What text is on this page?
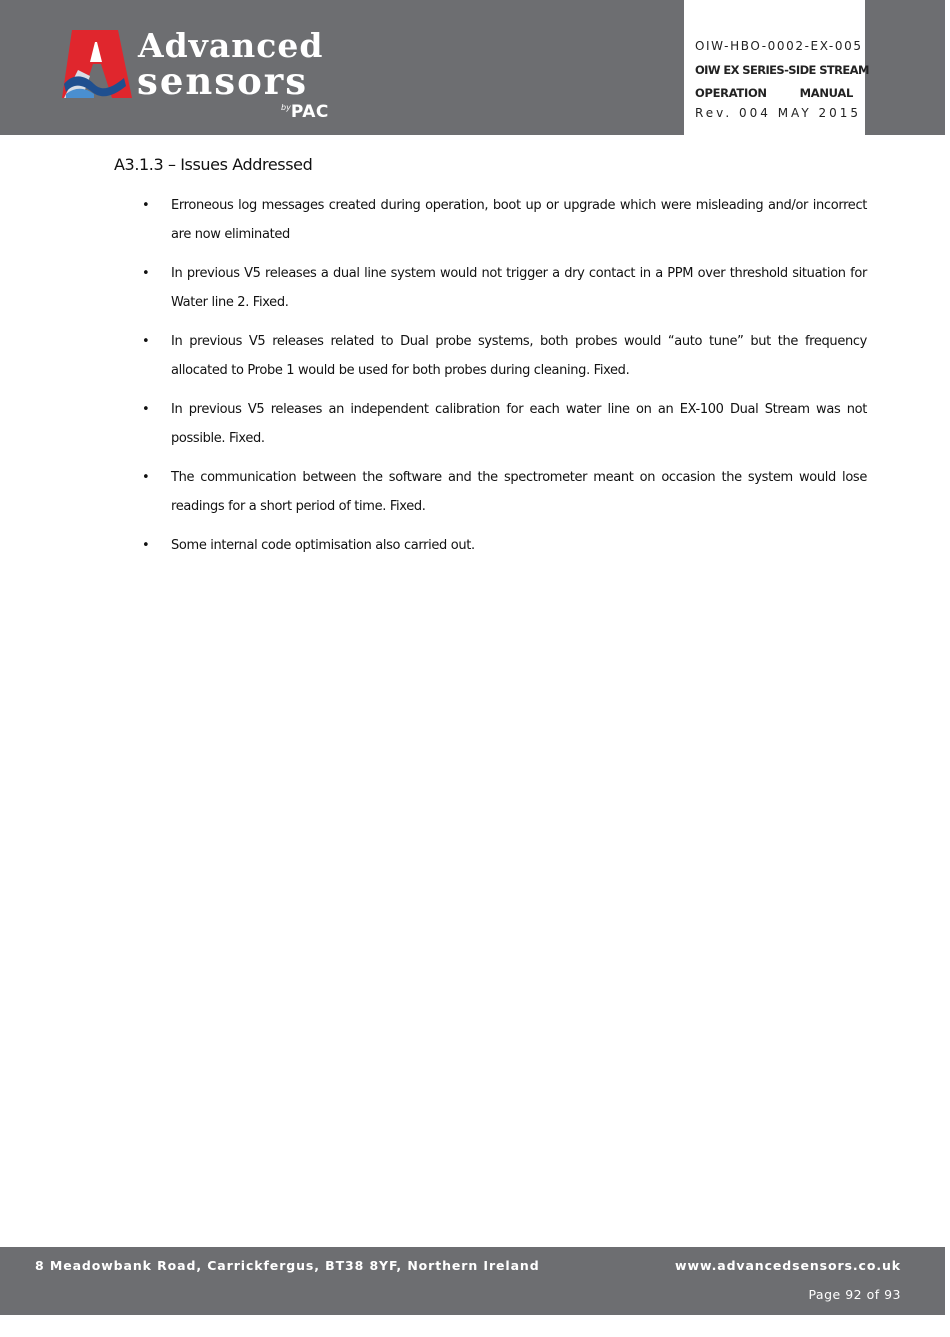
Advanced
sensors
$^{by}$PAC
OIW-HBO-0002-EX-005
OIW EX SERIES-SIDE STREAM
OPERATION	MANUAL
Rev. 004 MAY 2015
A3.1.3 – Issues Addressed
• Erroneous log messages created during operation, boot up or upgrade which were misleading and/or incorrect are now eliminated
• In previous V5 releases a dual line system would not trigger a dry contact in a PPM over threshold situation for Water line 2. Fixed.
• In previous V5 releases related to Dual probe systems, both probes would “auto tune” but the frequency allocated to Probe 1 would be used for both probes during cleaning. Fixed.
• In previous V5 releases an independent calibration for each water line on an EX-100 Dual Stream was not possible. Fixed.
• The communication between the software and the spectrometer meant on occasion the system would lose readings for a short period of time. Fixed.
• Some internal code optimisation also carried out.
8 Meadowbank Road, Carrickfergus, BT38 8YF, Northern Ireland	www.advancedsensors.co.uk
Page 92 of 93
